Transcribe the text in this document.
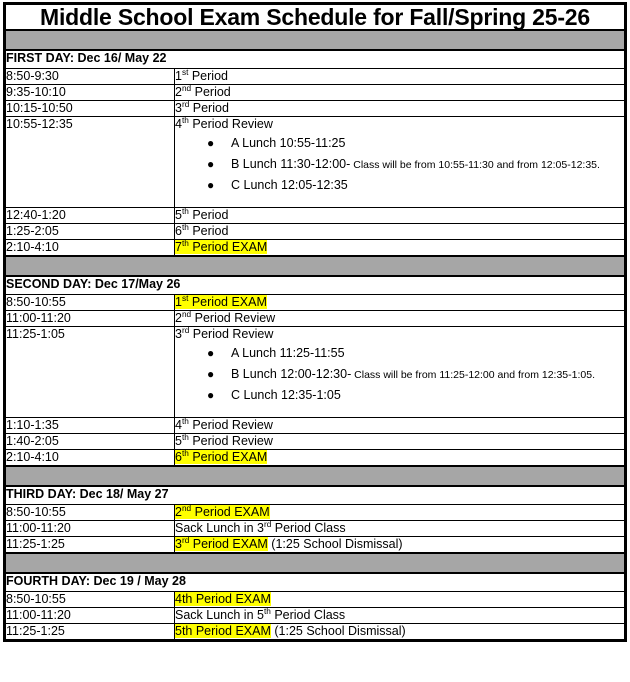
Middle School Exam Schedule for Fall/Spring 25-26	

FIRST DAY: Dec 16/ May 22	
8:50-9:30	1st Period
9:35-10:10	2nd Period
10:15-10:50	3rd Period
10:55-12:35	4th Period Review
● A Lunch 10:55-11:25
● B Lunch 11:30-12:00- Class will be from 10:55-11:30 and from 12:05-12:35.
● C Lunch 12:05-12:35

12:40-1:20	5th Period
1:25-2:05	6th Period
2:10-4:10	7th Period EXAM

SECOND DAY: Dec 17/May 26	
8:50-10:55	1st Period EXAM
11:00-11:20	2nd Period Review
11:25-1:05	3rd Period Review
● A Lunch 11:25-11:55
● B Lunch 12:00-12:30- Class will be from 11:25-12:00 and from 12:35-1:05.
● C Lunch 12:35-1:05

1:10-1:35	4th Period Review
1:40-2:05	5th Period Review
2:10-4:10	6th Period EXAM

THIRD DAY: Dec 18/ May 27	
8:50-10:55	2nd Period EXAM
11:00-11:20	Sack Lunch in 3rd Period Class
11:25-1:25	3rd Period EXAM (1:25 School Dismissal)

FOURTH DAY: Dec 19 / May 28	
8:50-10:55	4th Period EXAM
11:00-11:20	Sack Lunch in 5th Period Class
11:25-1:25	5th Period EXAM (1:25 School Dismissal)
